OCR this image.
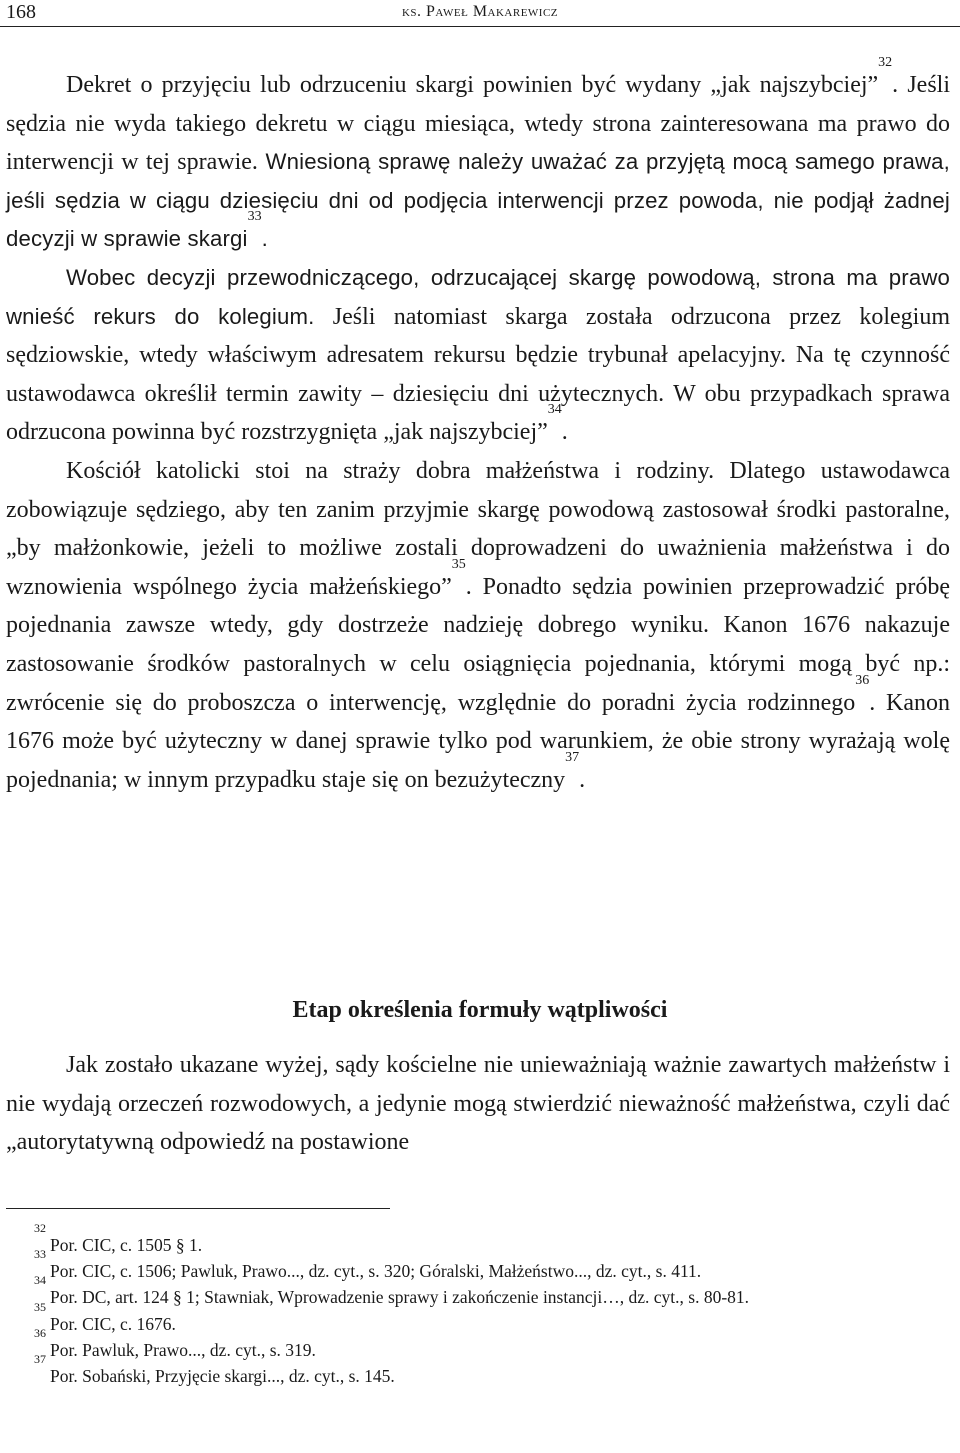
168	ks. Paweł Makarewicz

Dekret o przyjęciu lub odrzuceniu skargi powinien być wydany „jak najszybciej”$^{32}$. Jeśli sędzia nie wyda takiego dekretu w ciągu miesiąca, wtedy strona zainteresowana ma prawo do interwencji w tej sprawie. Wniesioną sprawę należy uważać za przyjętą mocą samego prawa, jeśli sędzia w ciągu dziesięciu dni od podjęcia interwencji przez powoda, nie podjął żadnej decyzji w sprawie skargi$^{33}$.

Wobec decyzji przewodniczącego, odrzucającej skargę powodową, strona ma prawo wnieść rekurs do kolegium. Jeśli natomiast skarga została odrzucona przez kolegium sędziowskie, wtedy właściwym adresatem rekursu będzie trybunał apelacyjny. Na tę czynność ustawodawca określił termin zawity – dziesięciu dni użytecznych. W obu przypadkach sprawa odrzucona powinna być rozstrzygnięta „jak najszybciej”$^{34}$.

Kościół katolicki stoi na straży dobra małżeństwa i rodziny. Dlatego ustawodawca zobowiązuje sędziego, aby ten zanim przyjmie skargę powodową zastosował środki pastoralne, „by małżonkowie, jeżeli to możliwe zostali doprowadzeni do uważnienia małżeństwa i do wznowienia wspólnego życia małżeńskiego”$^{35}$. Ponadto sędzia powinien przeprowadzić próbę pojednania zawsze wtedy, gdy dostrzeże nadzieję dobrego wyniku. Kanon 1676 nakazuje zastosowanie środków pastoralnych w celu osiągnięcia pojednania, którymi mogą być np.: zwrócenie się do proboszcza o interwencję, względnie do poradni życia rodzinnego$^{36}$. Kanon 1676 może być użyteczny w danej sprawie tylko pod warunkiem, że obie strony wyrażają wolę pojednania; w innym przypadku staje się on bezużyteczny$^{37}$.

Etap określenia formuły wątpliwości

Jak zostało ukazane wyżej, sądy kościelne nie unieważniają ważnie zawartych małżeństw i nie wydają orzeczeń rozwodowych, a jedynie mogą stwierdzić nieważność małżeństwa, czyli dać „autorytatywną odpowiedź na postawione

$^{32}$Por. CIC, c. 1505 § 1.

$^{33}$Por. CIC, c. 1506; Pawluk, Prawo..., dz. cyt., s. 320; Góralski, Małżeństwo..., dz. cyt., s. 411.

$^{34}$Por. DC, art. 124 § 1; Stawniak, Wprowadzenie sprawy i zakończenie instancji…, dz. cyt., s. 80-81.

$^{35}$Por. CIC, c. 1676.

$^{36}$Por. Pawluk, Prawo..., dz. cyt., s. 319.

$^{37}$Por. Sobański, Przyjęcie skargi..., dz. cyt., s. 145.
